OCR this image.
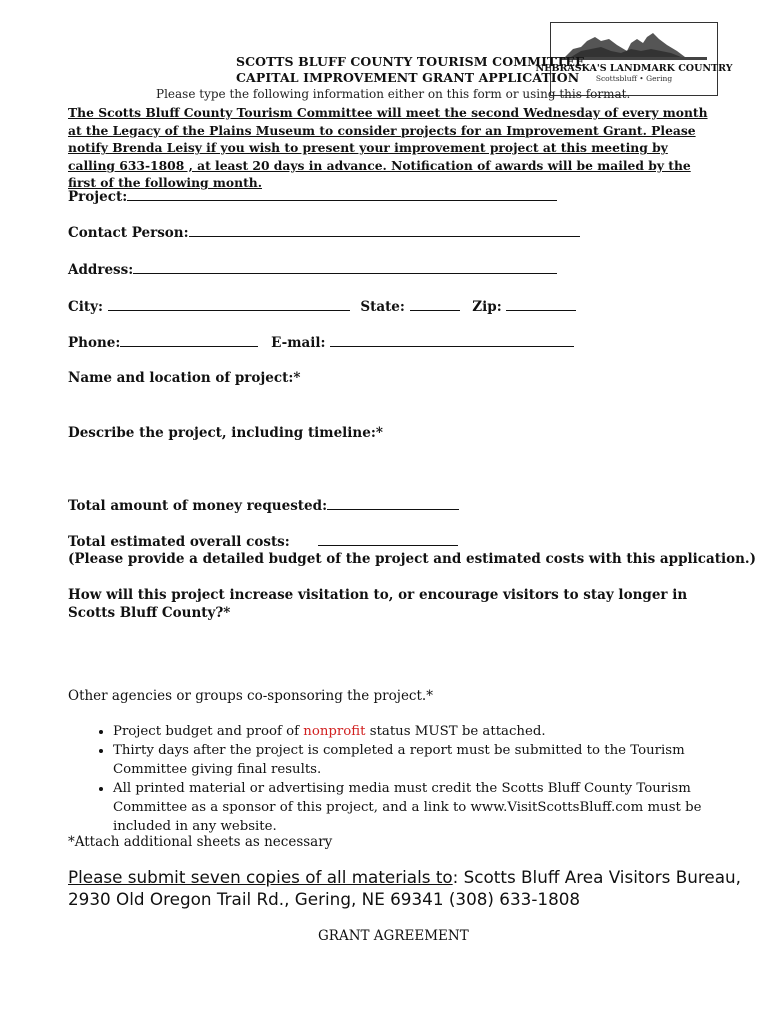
NEBRASKA'S LANDMARK COUNTRY
Scottsbluff • Gering
SCOTTS BLUFF COUNTY TOURISM COMMITTEE
CAPITAL IMPROVEMENT GRANT APPLICATION
Please type the following information either on this form or using this format.
The Scotts Bluff County Tourism Committee will meet the second Wednesday of every month at the Legacy of the Plains Museum to consider projects for an Improvement Grant. Please notify Brenda Leisy if you wish to present your improvement project at this meeting by calling 633-1808 , at least 20 days in advance. Notification of awards will be mailed by the first of the following month.
Project:
Contact Person:
Address:
City:	State:	Zip:
Phone:	E-mail:
Name and location of project:*
Describe the project, including timeline:*
Total amount of money requested:
Total estimated overall costs:
(Please provide a detailed budget of the project and estimated costs with this application.)
How will this project increase visitation to, or encourage visitors to stay longer in Scotts Bluff County?*
Other agencies or groups co-sponsoring the project.*
• Project budget and proof of nonprofit status MUST be attached.
• Thirty days after the project is completed a report must be submitted to the Tourism Committee giving final results.
• All printed material or advertising media must credit the Scotts Bluff County Tourism Committee as a sponsor of this project, and a link to www.VisitScottsBluff.com must be included in any website.
*Attach additional sheets as necessary
Please submit seven copies of all materials to: Scotts Bluff Area Visitors Bureau,
2930 Old Oregon Trail Rd., Gering, NE 69341 (308) 633-1808
GRANT AGREEMENT
